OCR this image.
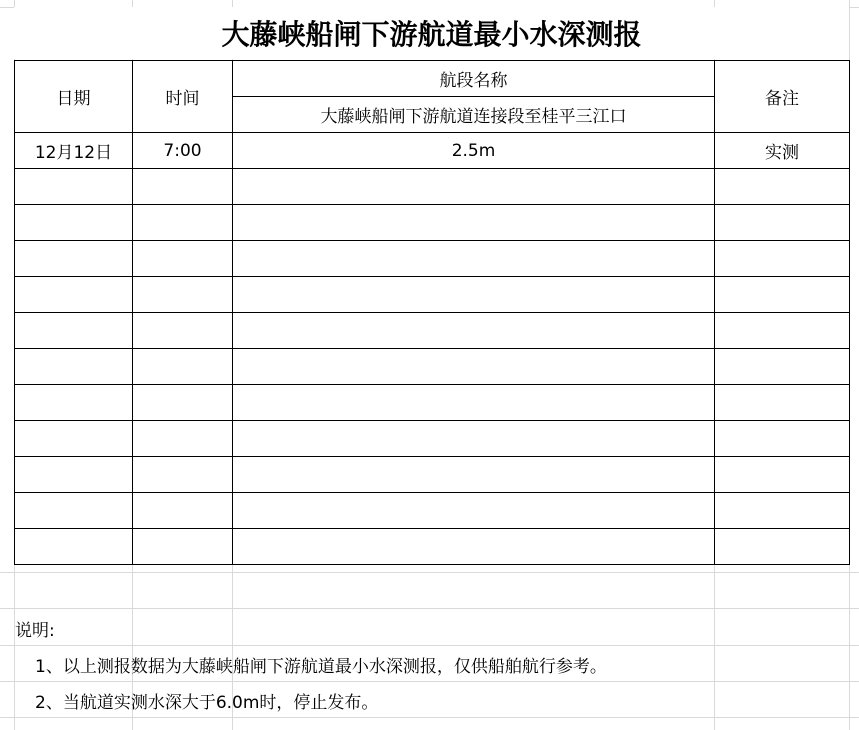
大藤峡船闸下游航道最小水深测报
日期	时间	航段名称	备注
		大藤峡船闸下游航道连接段至桂平三江口	
12月12日	7:00	2.5m	实测

说明:
1、以上测报数据为大藤峡船闸下游航道最小水深测报，仅供船舶航行参考。
2、当航道实测水深大于6.0m时，停止发布。
